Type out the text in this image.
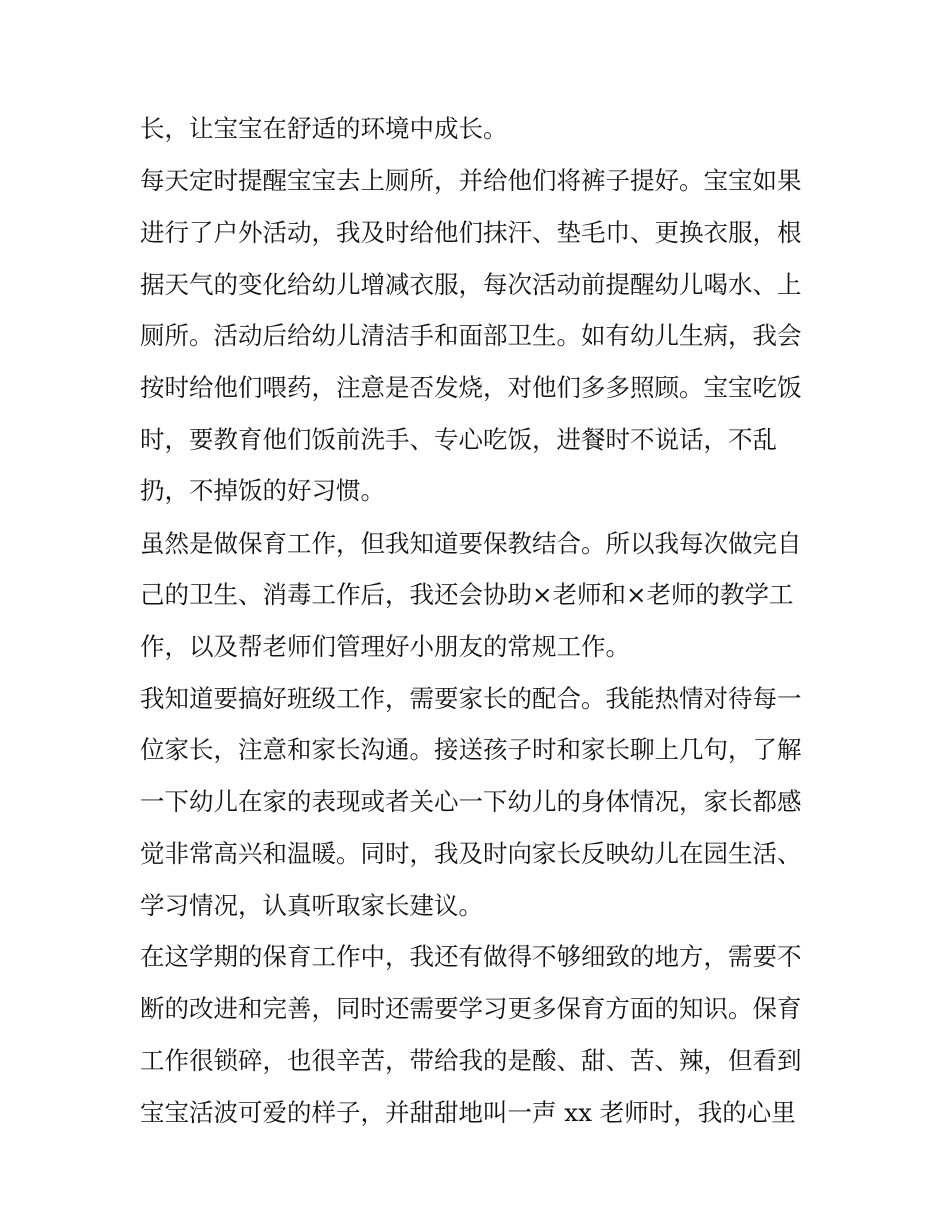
长，让宝宝在舒适的环境中成长。

每天定时提醒宝宝去上厕所，并给他们将裤子提好。宝宝如果

进行了户外活动，我及时给他们抹汗、垫毛巾、更换衣服，根

据天气的变化给幼儿增减衣服，每次活动前提醒幼儿喝水、上

厕所。活动后给幼儿清洁手和面部卫生。如有幼儿生病，我会

按时给他们喂药，注意是否发烧，对他们多多照顾。宝宝吃饭

时，要教育他们饭前洗手、专心吃饭，进餐时不说话，不乱

扔，不掉饭的好习惯。

虽然是做保育工作，但我知道要保教结合。所以我每次做完自

己的卫生、消毒工作后，我还会协助×老师和×老师的教学工

作，以及帮老师们管理好小朋友的常规工作。

我知道要搞好班级工作，需要家长的配合。我能热情对待每一

位家长，注意和家长沟通。接送孩子时和家长聊上几句，了解

一下幼儿在家的表现或者关心一下幼儿的身体情况，家长都感

觉非常高兴和温暖。同时，我及时向家长反映幼儿在园生活、

学习情况，认真听取家长建议。

在这学期的保育工作中，我还有做得不够细致的地方，需要不

断的改进和完善，同时还需要学习更多保育方面的知识。保育

工作很锁碎，也很辛苦，带给我的是酸、甜、苦、辣，但看到

宝宝活波可爱的样子，并甜甜地叫一声 xx 老师时，我的心里
